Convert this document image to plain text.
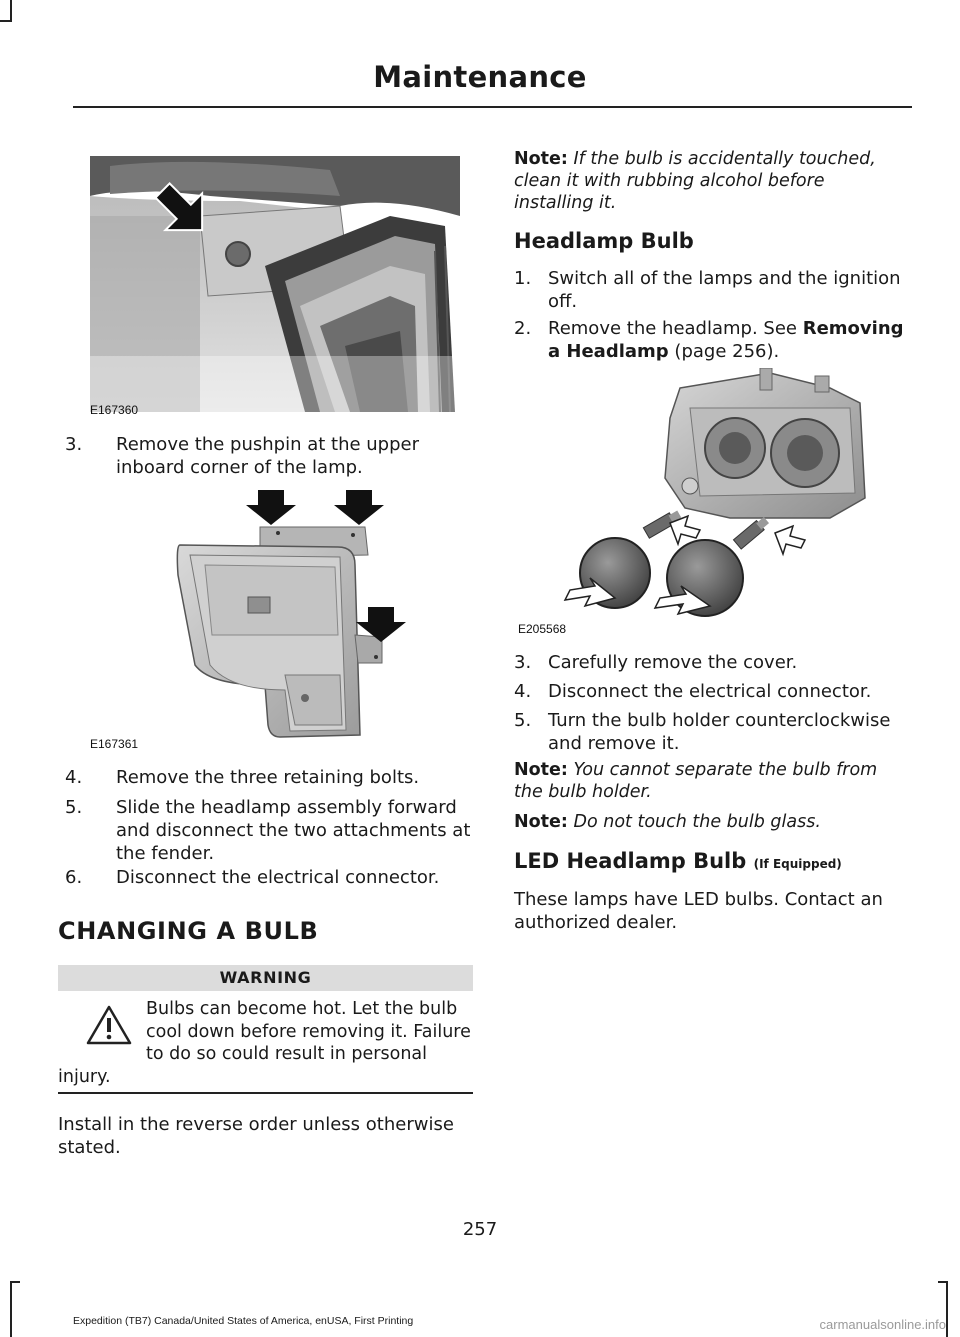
Maintenance
E167360
3.	Remove the pushpin at the upper inboard corner of the lamp.
E167361
4.	Remove the three retaining bolts.
5.	Slide the headlamp assembly forward and disconnect the two attachments at the fender.
6.	Disconnect the electrical connector.
CHANGING A BULB
WARNING
Bulbs can become hot. Let the bulb cool down before removing it. Failure to do so could result in personal injury.
Install in the reverse order unless otherwise stated.
Note: If the bulb is accidentally touched, clean it with rubbing alcohol before installing it.
Headlamp Bulb
1. Switch all of the lamps and the ignition off.
2. Remove the headlamp. See Removing a Headlamp (page 256).
E205568
3. Carefully remove the cover.
4. Disconnect the electrical connector.
5. Turn the bulb holder counterclockwise and remove it.
Note: You cannot separate the bulb from the bulb holder.
Note: Do not touch the bulb glass.
LED Headlamp Bulb (If Equipped)
These lamps have LED bulbs. Contact an authorized dealer.
257
Expedition (TB7) Canada/United States of America, enUSA, First Printing	carmanualsonline.info
